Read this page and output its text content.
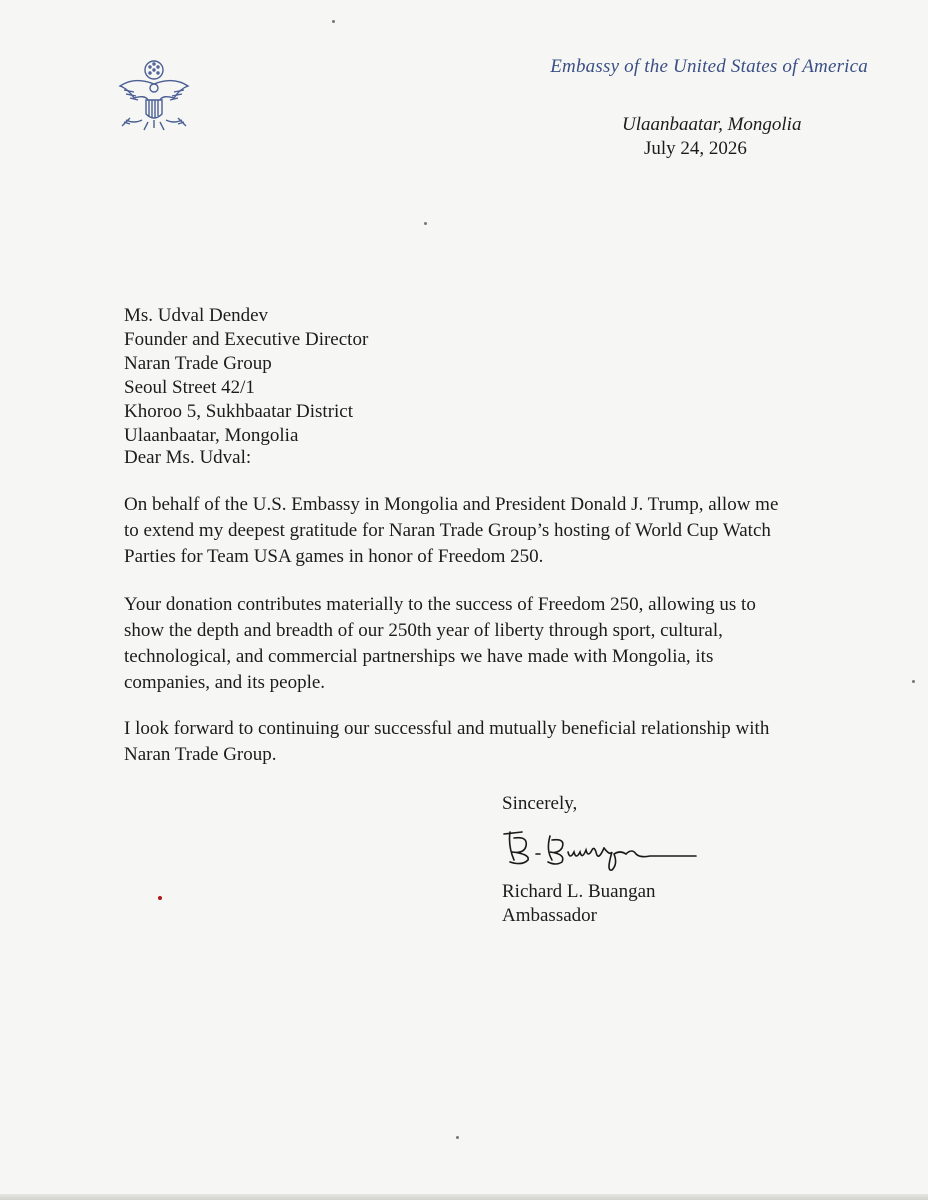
Embassy of the United States of America
Ulaanbaatar, Mongolia
July 24, 2026
Ms. Udval Dendev
Founder and Executive Director
Naran Trade Group
Seoul Street 42/1
Khoroo 5, Sukhbaatar District
Ulaanbaatar, Mongolia
Dear Ms. Udval:

On behalf of the U.S. Embassy in Mongolia and President Donald J. Trump, allow me to extend my deepest gratitude for Naran Trade Group’s hosting of World Cup Watch Parties for Team USA games in honor of Freedom 250.

Your donation contributes materially to the success of Freedom 250, allowing us to show the depth and breadth of our 250th year of liberty through sport, cultural, technological, and commercial partnerships we have made with Mongolia, its companies, and its people.

I look forward to continuing our successful and mutually beneficial relationship with Naran Trade Group.

Sincerely,
Richard L. Buangan
Ambassador
